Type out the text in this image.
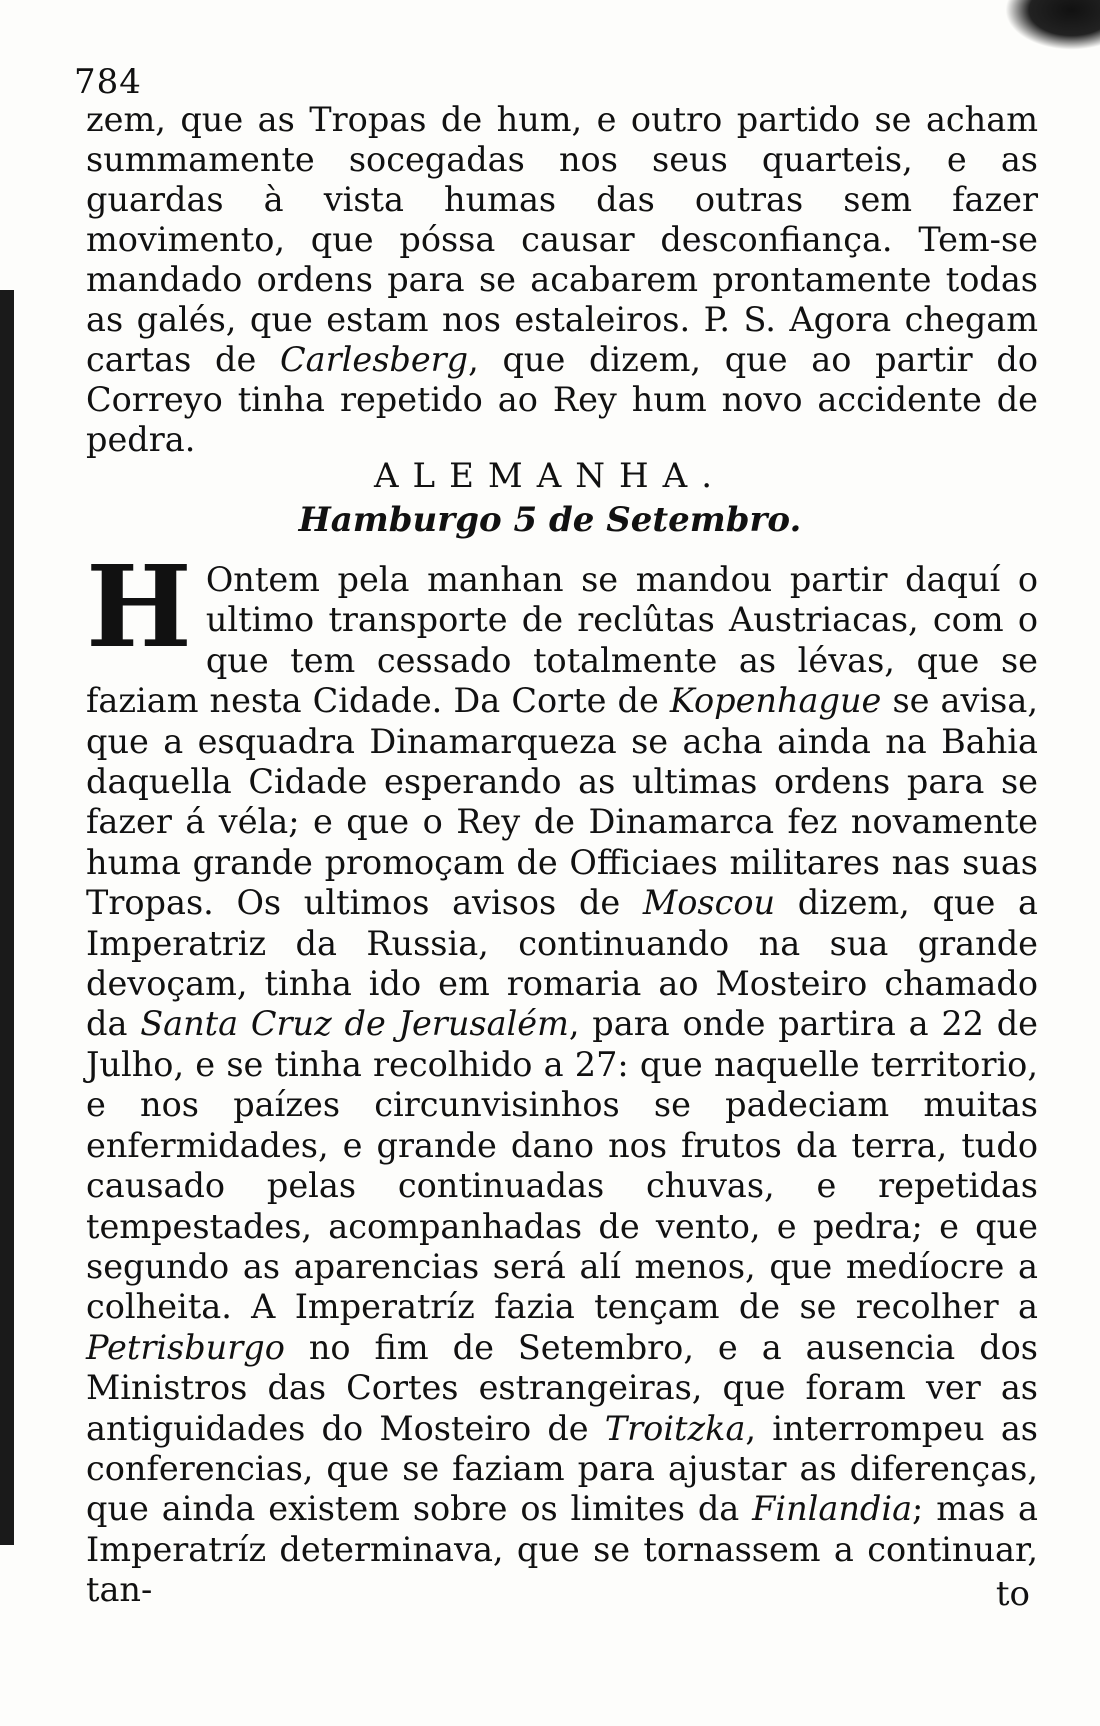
784
zem, que as Tropas de hum, e outro partido se acham summamente socegadas nos seus quarteis, e as guardas à vista humas das outras sem fazer movimento, que póssa causar desconfiança. Tem-se mandado ordens para se acabarem prontamente todas as galés, que estam nos estaleiros. P. S. Agora chegam cartas de Carlesberg, que dizem, que ao partir do Correyo tinha repetido ao Rey hum novo accidente de pedra.
ALEMANHA.
Hamburgo 5 de Setembro.
H Ontem pela manhan se mandou partir daquí o ultimo transporte de reclûtas Austriacas, com o que tem cessado totalmente as lévas, que se faziam nesta Cidade. Da Corte de Kopenhague se avisa, que a esquadra Dinamarqueza se acha ainda na Bahia daquella Cidade esperando as ultimas ordens para se fazer á véla; e que o Rey de Dinamarca fez novamente huma grande promoçam de Officiaes militares nas suas Tropas. Os ultimos avisos de Moscou dizem, que a Imperatriz da Russia, continuando na sua grande devoçam, tinha ido em romaria ao Mosteiro chamado da Santa Cruz de Jerusalém, para onde partira a 22 de Julho, e se tinha recolhido a 27: que naquelle territorio, e nos paízes circunvisinhos se padeciam muitas enfermidades, e grande dano nos frutos da terra, tudo causado pelas continuadas chuvas, e repetidas tempestades, acompanhadas de vento, e pedra; e que segundo as aparencias será alí menos, que medíocre a colheita. A Imperatríz fazia tençam de se recolher a Petrisburgo no fim de Setembro, e a ausencia dos Ministros das Cortes estrangeiras, que foram ver as antiguidades do Mosteiro de Troitzka, interrompeu as conferencias, que se faziam para ajustar as diferenças, que ainda existem sobre os limites da Finlandia; mas a Imperatríz determinava, que se tornassem a continuar, tan-	to
